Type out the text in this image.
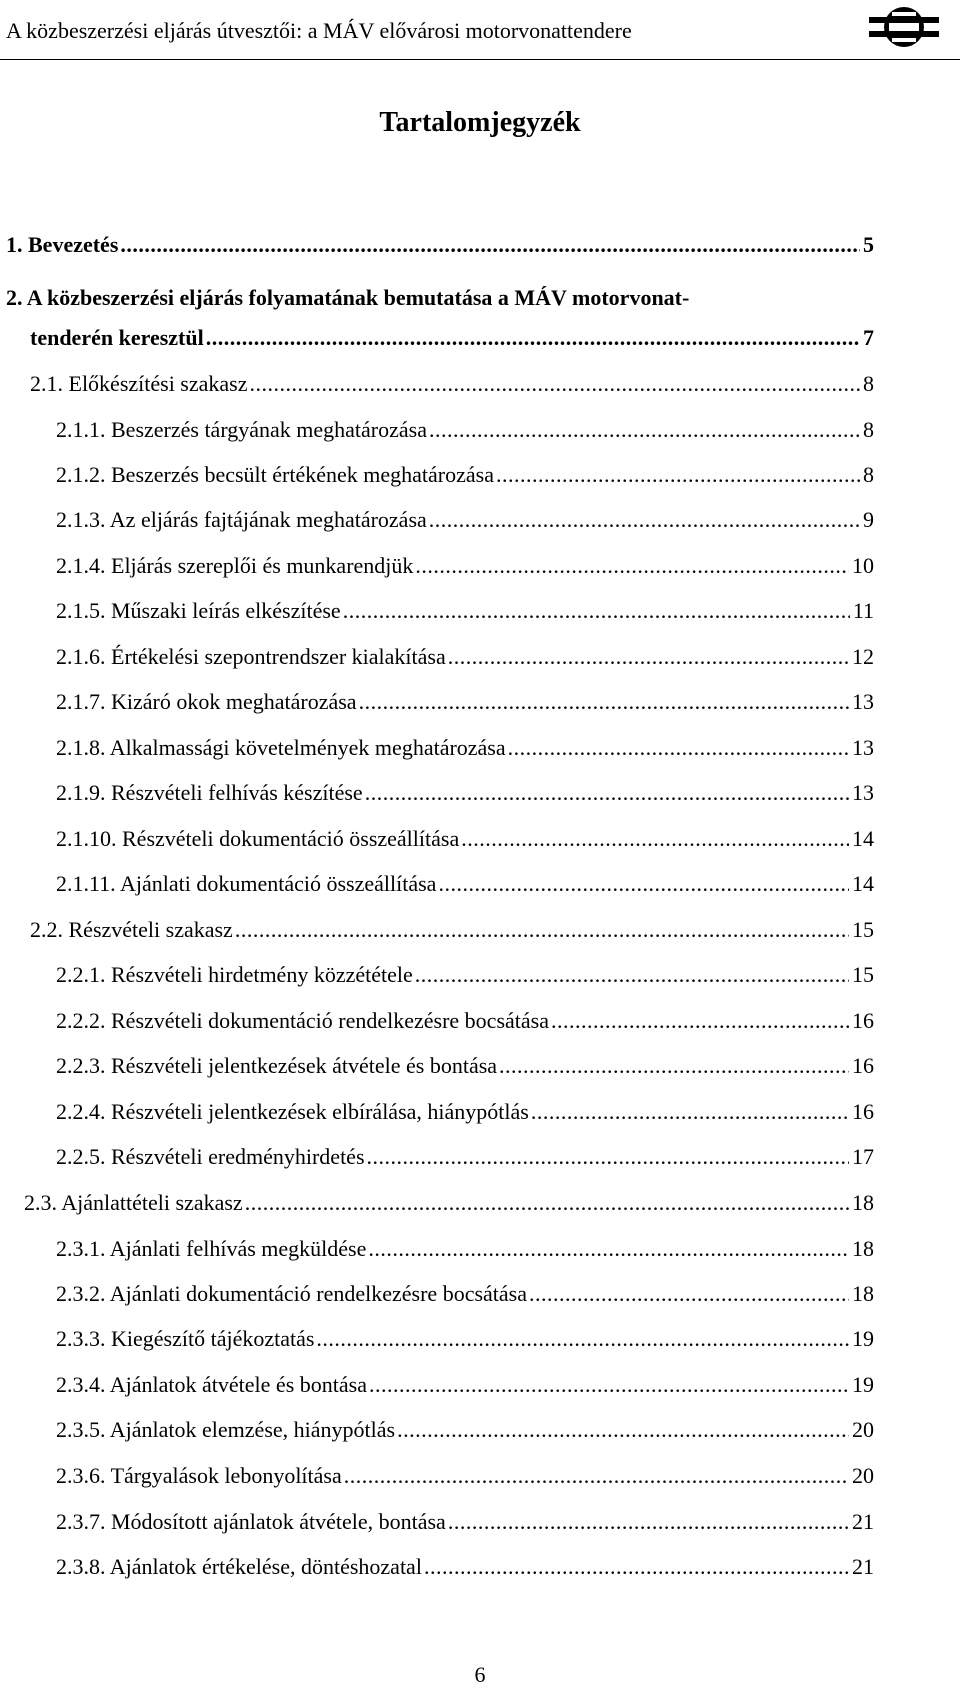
A közbeszerzési eljárás útvesztői: a MÁV elővárosi motorvonattendere
Tartalomjegyzék
1. Bevezetés .....	5
2. A közbeszerzési eljárás folyamatának bemutatása a MÁV motorvonat-
tenderén keresztül .....	7
2.1. Előkészítési szakasz .....	8
2.1.1. Beszerzés tárgyának meghatározása .....	8
2.1.2. Beszerzés becsült értékének meghatározása .....	8
2.1.3. Az eljárás fajtájának meghatározása .....	9
2.1.4. Eljárás szereplői és munkarendjük .....	10
2.1.5. Műszaki leírás elkészítése .....	11
2.1.6. Értékelési szepontrendszer kialakítása .....	12
2.1.7. Kizáró okok meghatározása .....	13
2.1.8. Alkalmassági követelmények meghatározása .....	13
2.1.9. Részvételi felhívás készítése .....	13
2.1.10. Részvételi dokumentáció összeállítása .....	14
2.1.11. Ajánlati dokumentáció összeállítása .....	14
2.2. Részvételi szakasz .....	15
2.2.1. Részvételi hirdetmény közzététele .....	15
2.2.2. Részvételi dokumentáció rendelkezésre bocsátása .....	16
2.2.3. Részvételi jelentkezések átvétele és bontása .....	16
2.2.4. Részvételi jelentkezések elbírálása, hiánypótlás .....	16
2.2.5. Részvételi eredményhirdetés .....	17
2.3. Ajánlattételi szakasz .....	18
2.3.1. Ajánlati felhívás megküldése .....	18
2.3.2. Ajánlati dokumentáció rendelkezésre bocsátása .....	18
2.3.3. Kiegészítő tájékoztatás .....	19
2.3.4. Ajánlatok átvétele és bontása .....	19
2.3.5. Ajánlatok elemzése, hiánypótlás .....	20
2.3.6. Tárgyalások lebonyolítása .....	20
2.3.7. Módosított ajánlatok átvétele, bontása .....	21
2.3.8. Ajánlatok értékelése, döntéshozatal .....	21
6
